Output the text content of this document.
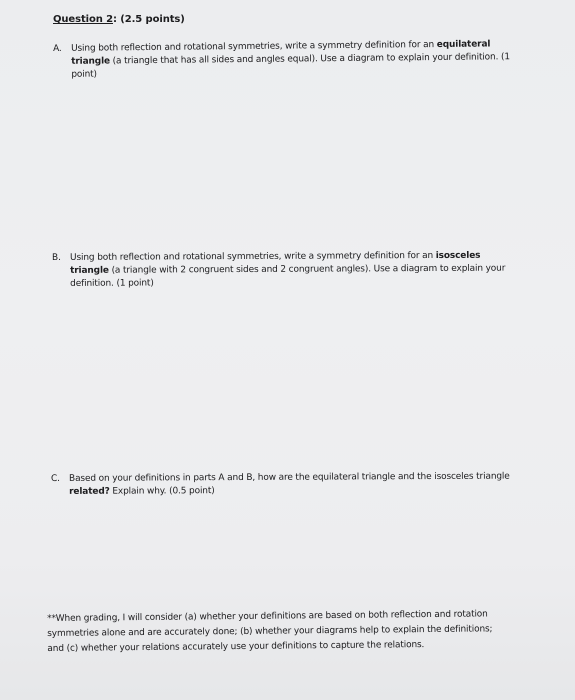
Question 2: (2.5 points)
A. Using both reflection and rotational symmetries, write a symmetry definition for an equilateral
triangle (a triangle that has all sides and angles equal). Use a diagram to explain your definition. (1
point)
B. Using both reflection and rotational symmetries, write a symmetry definition for an isosceles
triangle (a triangle with 2 congruent sides and 2 congruent angles). Use a diagram to explain your
definition. (1 point)
C. Based on your definitions in parts A and B, how are the equilateral triangle and the isosceles triangle
related? Explain why. (0.5 point)
**When grading, I will consider (a) whether your definitions are based on both reflection and rotation
symmetries alone and are accurately done; (b) whether your diagrams help to explain the definitions;
and (c) whether your relations accurately use your definitions to capture the relations.
